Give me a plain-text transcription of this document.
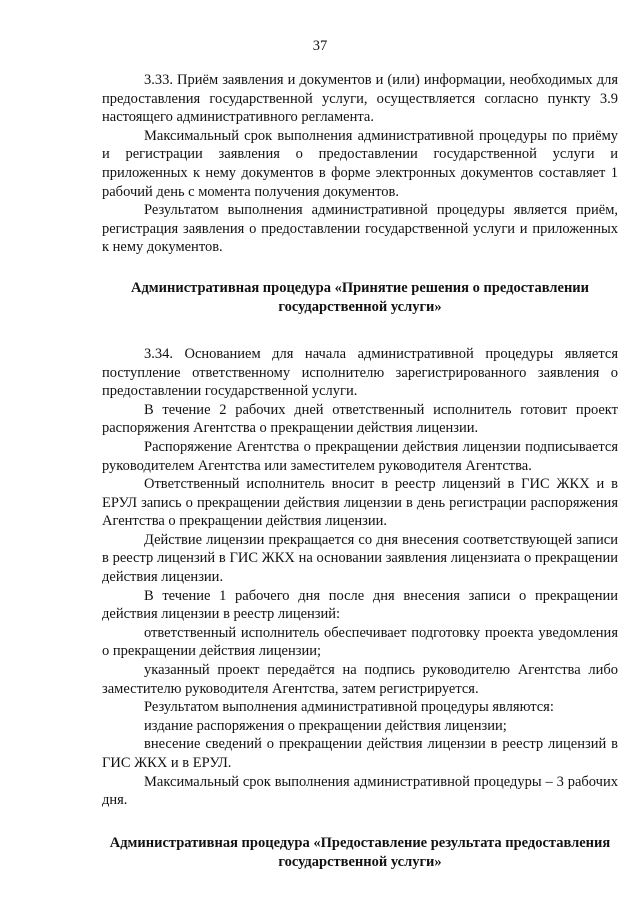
37

3.33. Приём заявления и документов и (или) информации, необходимых для предоставления государственной услуги, осуществляется согласно пункту 3.9 настоящего административного регламента.

Максимальный срок выполнения административной процедуры по приёму и регистрации заявления о предоставлении государственной услуги и приложенных к нему документов в форме электронных документов составляет 1 рабочий день с момента получения документов.

Результатом выполнения административной процедуры является приём, регистрация заявления о предоставлении государственной услуги и приложенных к нему документов.

Административная процедура «Принятие решения о предоставлении государственной услуги»

3.34. Основанием для начала административной процедуры является поступление ответственному исполнителю зарегистрированного заявления о предоставлении государственной услуги.

В течение 2 рабочих дней ответственный исполнитель готовит проект распоряжения Агентства о прекращении действия лицензии.

Распоряжение Агентства о прекращении действия лицензии подписывается руководителем Агентства или заместителем руководителя Агентства.

Ответственный исполнитель вносит в реестр лицензий в ГИС ЖКХ и в ЕРУЛ запись о прекращении действия лицензии в день регистрации распоряжения Агентства о прекращении действия лицензии.

Действие лицензии прекращается со дня внесения соответствующей записи в реестр лицензий в ГИС ЖКХ на основании заявления лицензиата о прекращении действия лицензии.

В течение 1 рабочего дня после дня внесения записи о прекращении действия лицензии в реестр лицензий:

ответственный исполнитель обеспечивает подготовку проекта уведомления о прекращении действия лицензии;

указанный проект передаётся на подпись руководителю Агентства либо заместителю руководителя Агентства, затем регистрируется.

Результатом выполнения административной процедуры являются:

издание распоряжения о прекращении действия лицензии;

внесение сведений о прекращении действия лицензии в реестр лицензий в ГИС ЖКХ и в ЕРУЛ.

Максимальный срок выполнения административной процедуры – 3 рабочих дня.

Административная процедура «Предоставление результата предоставления государственной услуги»
